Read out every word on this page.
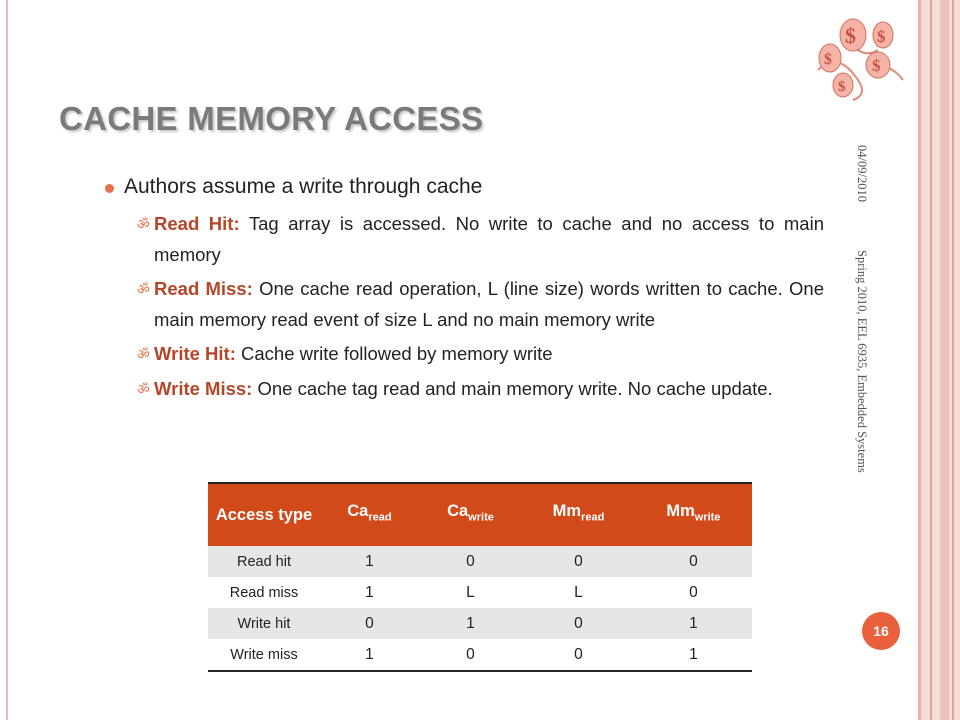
$ $
$ $
$
CACHE MEMORY ACCESS
Authors assume a write through cache
ॐ Read Hit: Tag array is accessed. No write to cache and no access to main memory
ॐ Read Miss: One cache read operation, L (line size) words written to cache. One main memory read event of size L and no main memory write
ॐ Write Hit: Cache write followed by memory write
ॐ Write Miss: One cache tag read and main memory write. No cache update.
Access type	$Ca_{read}$	$Ca_{write}$	$Mm_{read}$	$Mm_{write}$
Read hit	1	0	0	0
Read miss	1	L	L	0
Write hit	0	1	0	1
Write miss	1	0	0	1
04/09/2010
Spring 2010, EEL 6935, Embedded Systems
16
